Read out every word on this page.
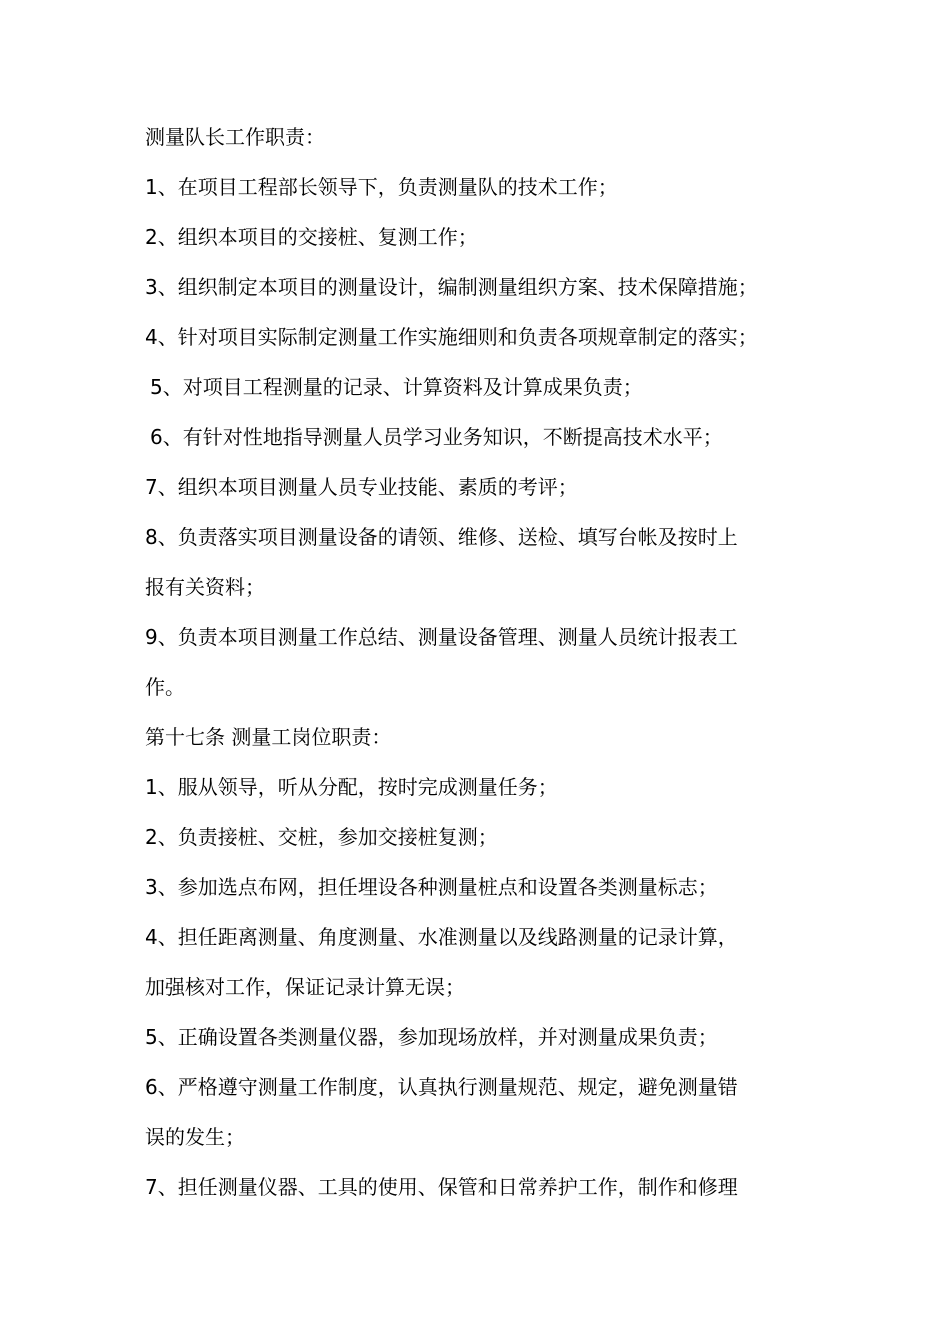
测量队长工作职责：
1、在项目工程部长领导下，负责测量队的技术工作；
2、组织本项目的交接桩、复测工作；
3、组织制定本项目的测量设计，编制测量组织方案、技术保障措施；
4、针对项目实际制定测量工作实施细则和负责各项规章制定的落实；
5、对项目工程测量的记录、计算资料及计算成果负责；
6、有针对性地指导测量人员学习业务知识，不断提高技术水平；
7、组织本项目测量人员专业技能、素质的考评；
8、负责落实项目测量设备的请领、维修、送检、填写台帐及按时上
报有关资料；
9、负责本项目测量工作总结、测量设备管理、测量人员统计报表工
作。
第十七条 测量工岗位职责：
1、服从领导，听从分配，按时完成测量任务；
2、负责接桩、交桩，参加交接桩复测；
3、参加选点布网，担任埋设各种测量桩点和设置各类测量标志；
4、担任距离测量、角度测量、水准测量以及线路测量的记录计算，
加强核对工作，保证记录计算无误；
5、正确设置各类测量仪器，参加现场放样，并对测量成果负责；
6、严格遵守测量工作制度，认真执行测量规范、规定，避免测量错
误的发生；
7、担任测量仪器、工具的使用、保管和日常养护工作，制作和修理
